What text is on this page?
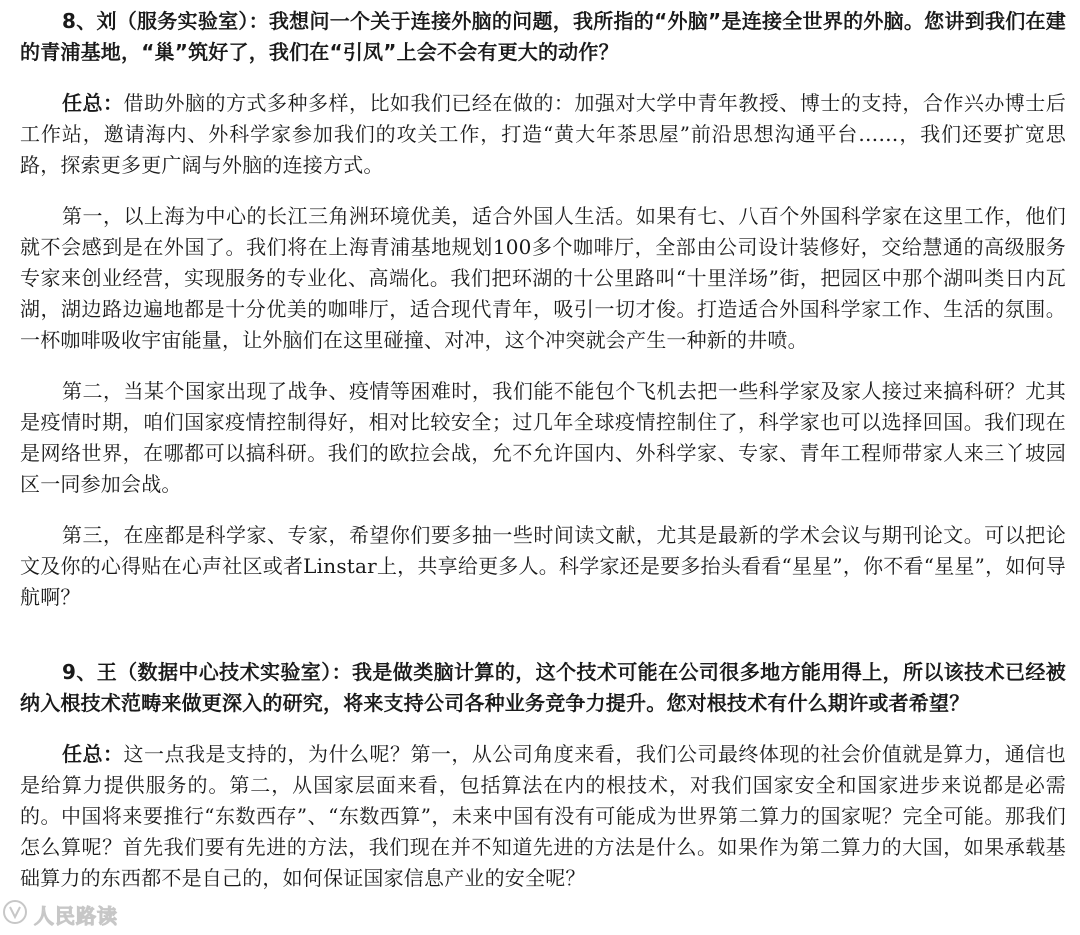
8、刘（服务实验室）：我想问一个关于连接外脑的问题，我所指的“外脑”是连接全世界的外脑。您讲到我们在建的青浦基地，“巢”筑好了，我们在“引凤”上会不会有更大的动作？

任总：借助外脑的方式多种多样，比如我们已经在做的：加强对大学中青年教授、博士的支持，合作兴办博士后工作站，邀请海内、外科学家参加我们的攻关工作，打造“黄大年茶思屋”前沿思想沟通平台……，我们还要扩宽思路，探索更多更广阔与外脑的连接方式。

第一，以上海为中心的长江三角洲环境优美，适合外国人生活。如果有七、八百个外国科学家在这里工作，他们就不会感到是在外国了。我们将在上海青浦基地规划100多个咖啡厅，全部由公司设计装修好，交给慧通的高级服务专家来创业经营，实现服务的专业化、高端化。我们把环湖的十公里路叫“十里洋场”街，把园区中那个湖叫类日内瓦湖，湖边路边遍地都是十分优美的咖啡厅，适合现代青年，吸引一切才俊。打造适合外国科学家工作、生活的氛围。一杯咖啡吸收宇宙能量，让外脑们在这里碰撞、对冲，这个冲突就会产生一种新的井喷。

第二，当某个国家出现了战争、疫情等困难时，我们能不能包个飞机去把一些科学家及家人接过来搞科研？尤其是疫情时期，咱们国家疫情控制得好，相对比较安全；过几年全球疫情控制住了，科学家也可以选择回国。我们现在是网络世界，在哪都可以搞科研。我们的欧拉会战，允不允许国内、外科学家、专家、青年工程师带家人来三丫坡园区一同参加会战。

第三，在座都是科学家、专家，希望你们要多抽一些时间读文献，尤其是最新的学术会议与期刊论文。可以把论文及你的心得贴在心声社区或者Linstar上，共享给更多人。科学家还是要多抬头看看“星星”，你不看“星星”，如何导航啊？

9、王（数据中心技术实验室）：我是做类脑计算的，这个技术可能在公司很多地方能用得上，所以该技术已经被纳入根技术范畴来做更深入的研究，将来支持公司各种业务竞争力提升。您对根技术有什么期许或者希望？

任总：这一点我是支持的，为什么呢？第一，从公司角度来看，我们公司最终体现的社会价值就是算力，通信也是给算力提供服务的。第二，从国家层面来看，包括算法在内的根技术，对我们国家安全和国家进步来说都是必需的。中国将来要推行“东数西存”、“东数西算”，未来中国有没有可能成为世界第二算力的国家呢？完全可能。那我们怎么算呢？首先我们要有先进的方法，我们现在并不知道先进的方法是什么。如果作为第二算力的大国，如果承载基础算力的东西都不是自己的，如何保证国家信息产业的安全呢？

人民路读
